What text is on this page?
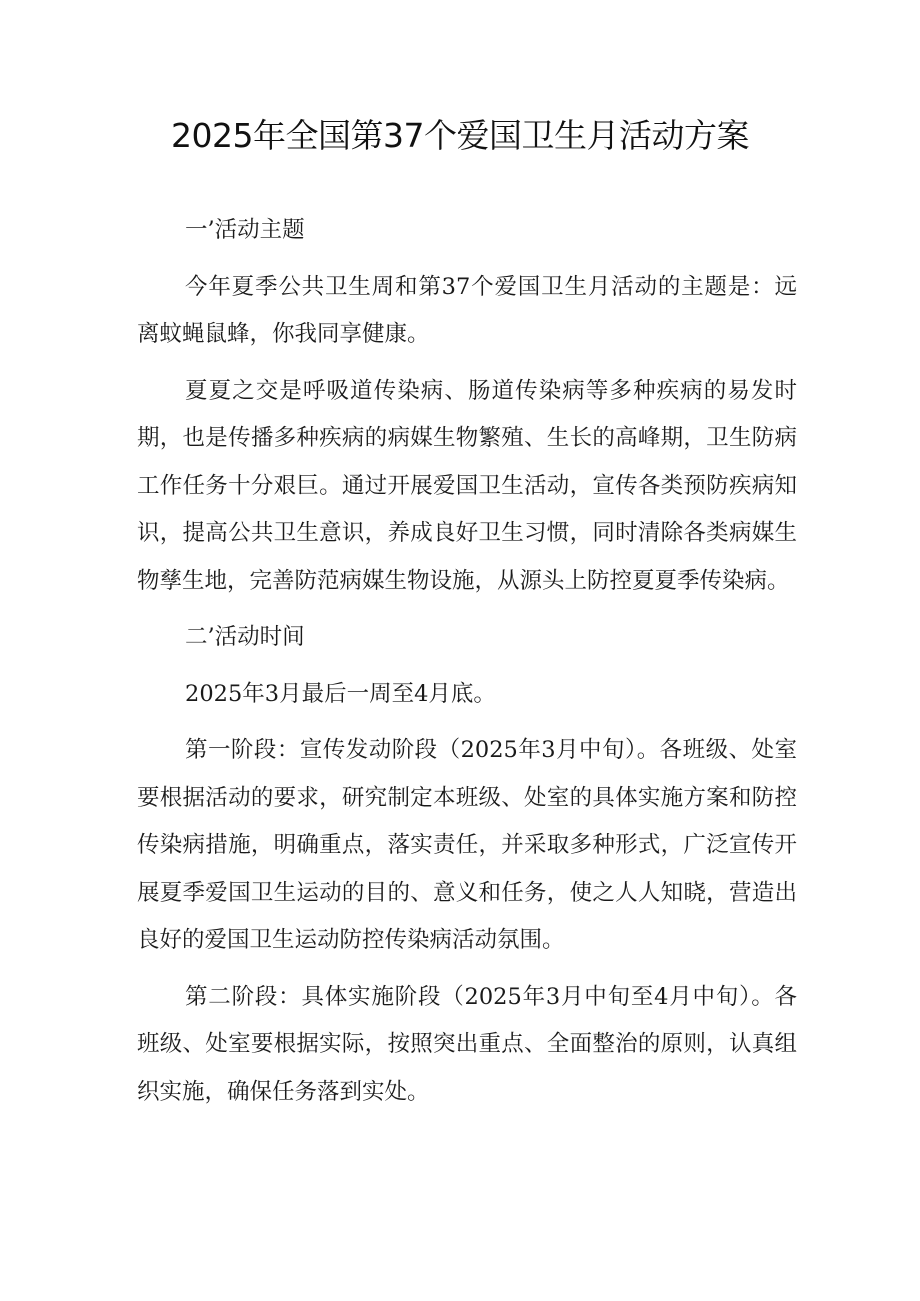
2025年全国第37个爱国卫生月活动方案

一’活动主题

今年夏季公共卫生周和第37个爱国卫生月活动的主题是：远离蚊蝇鼠蜂，你我同享健康。

夏夏之交是呼吸道传染病、肠道传染病等多种疾病的易发时期，也是传播多种疾病的病媒生物繁殖、生长的高峰期，卫生防病工作任务十分艰巨。通过开展爱国卫生活动，宣传各类预防疾病知识，提高公共卫生意识，养成良好卫生习惯，同时清除各类病媒生物孳生地，完善防范病媒生物设施，从源头上防控夏夏季传染病。

二’活动时间

2025年3月最后一周至4月底。

第一阶段：宣传发动阶段（2025年3月中旬）。各班级、处室要根据活动的要求，研究制定本班级、处室的具体实施方案和防控传染病措施，明确重点，落实责任，并采取多种形式，广泛宣传开展夏季爱国卫生运动的目的、意义和任务，使之人人知晓，营造出良好的爱国卫生运动防控传染病活动氛围。

第二阶段：具体实施阶段（2025年3月中旬至4月中旬）。各班级、处室要根据实际，按照突出重点、全面整治的原则，认真组织实施，确保任务落到实处。
